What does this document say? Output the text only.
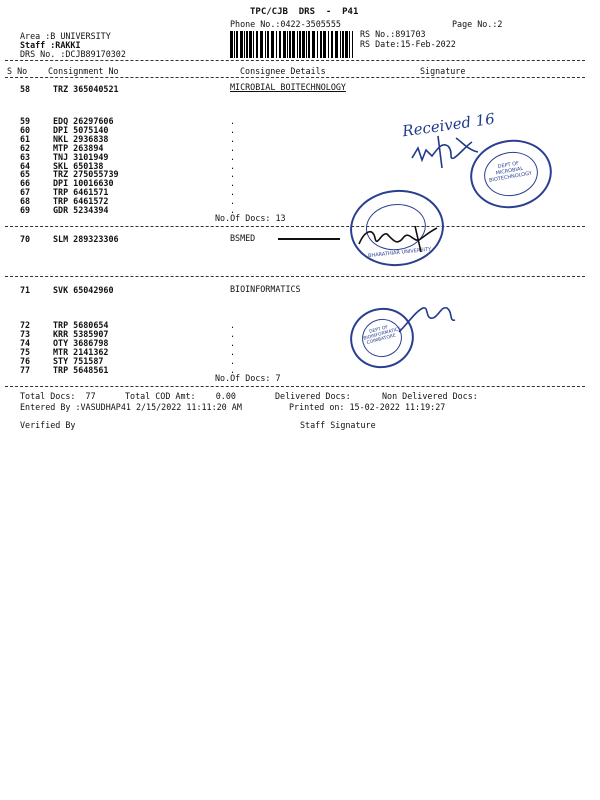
TPC/CJB  DRS  -  P41
Phone No.:0422-3505555	Page No.:2
Area :B UNIVERSITY
Staff :RAKKI
DRS No. :DCJB89170302
RS No.:891703
RS Date:15-Feb-2022
S No Consignment No	Consignee Details	Signature
58	TRZ 365040521	MICROBIAL BOITECHNOLOGY
59	EDQ 26297606	.
60	DPI 5075140	.
61	NKL 2936838	.
62	MTP 263894	.
63	TNJ 3101949	.
64	SKL 650138	.
65	TRZ 275055739	.
66	DPI 10016630	.
67	TRP 6461571	.
68	TRP 6461572	.
69	GDR 5234394	.
No.Of Docs: 13
70	SLM 289323306	BSMED
71	SVK 65042960	BIOINFORMATICS
72	TRP 5680654	.
73	KRR 5385907	.
74	OTY 3686798	.
75	MTR 2141362	.
76	STY 751587	.
77	TRP 5648561	.
No.Of Docs: 7
Total Docs:  77	Total COD Amt:    0.00	Delivered Docs:	Non Delivered Docs:
Entered By :VASUDHAP41 2/15/2022 11:11:20 AM	Printed on: 15-02-2022 11:19:27
Verified By	Staff Signature
Received 16
DEPT OF MICROBIAL BIOTECHNOLOGY
BHARATHIAR UNIVERSITY
DEPT OF BIOINFORMATICS COIMBATORE
